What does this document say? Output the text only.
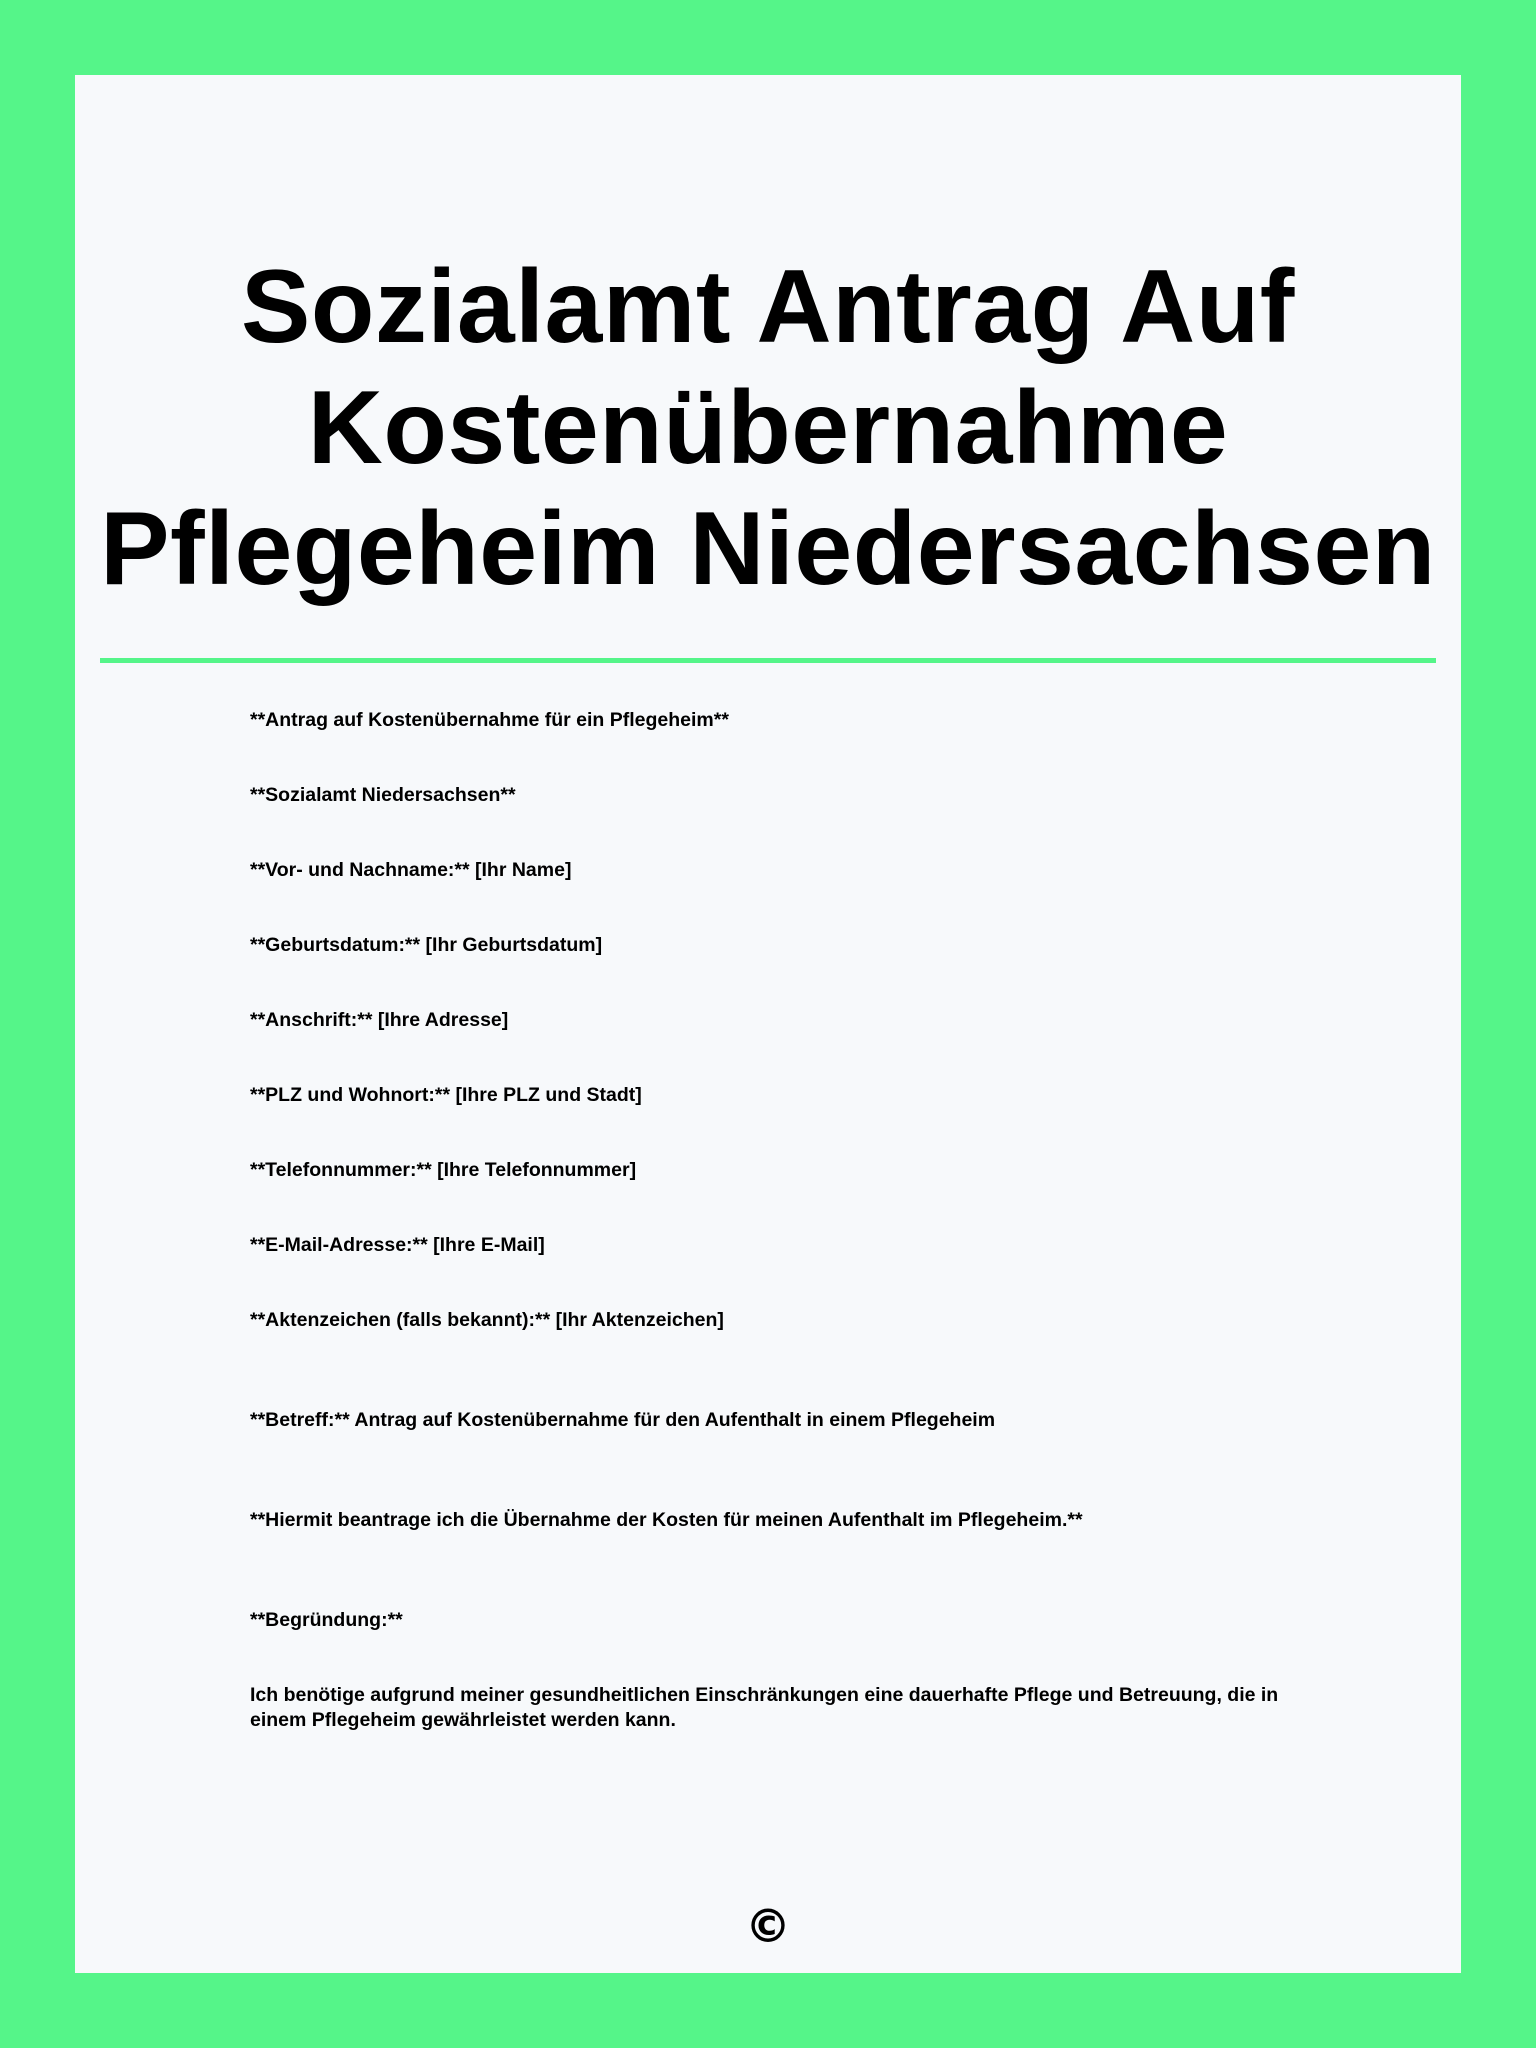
Sozialamt Antrag Auf
Kostenübernahme
Pflegeheim Niedersachsen

**Antrag auf Kostenübernahme für ein Pflegeheim**

**Sozialamt Niedersachsen**

**Vor- und Nachname:** [Ihr Name]

**Geburtsdatum:** [Ihr Geburtsdatum]

**Anschrift:** [Ihre Adresse]

**PLZ und Wohnort:** [Ihre PLZ und Stadt]

**Telefonnummer:** [Ihre Telefonnummer]

**E-Mail-Adresse:** [Ihre E-Mail]

**Aktenzeichen (falls bekannt):** [Ihr Aktenzeichen]

**Betreff:** Antrag auf Kostenübernahme für den Aufenthalt in einem Pflegeheim

**Hiermit beantrage ich die Übernahme der Kosten für meinen Aufenthalt im Pflegeheim.**

**Begründung:**

Ich benötige aufgrund meiner gesundheitlichen Einschränkungen eine dauerhafte Pflege und Betreuung, die in einem Pflegeheim gewährleistet werden kann.

©
